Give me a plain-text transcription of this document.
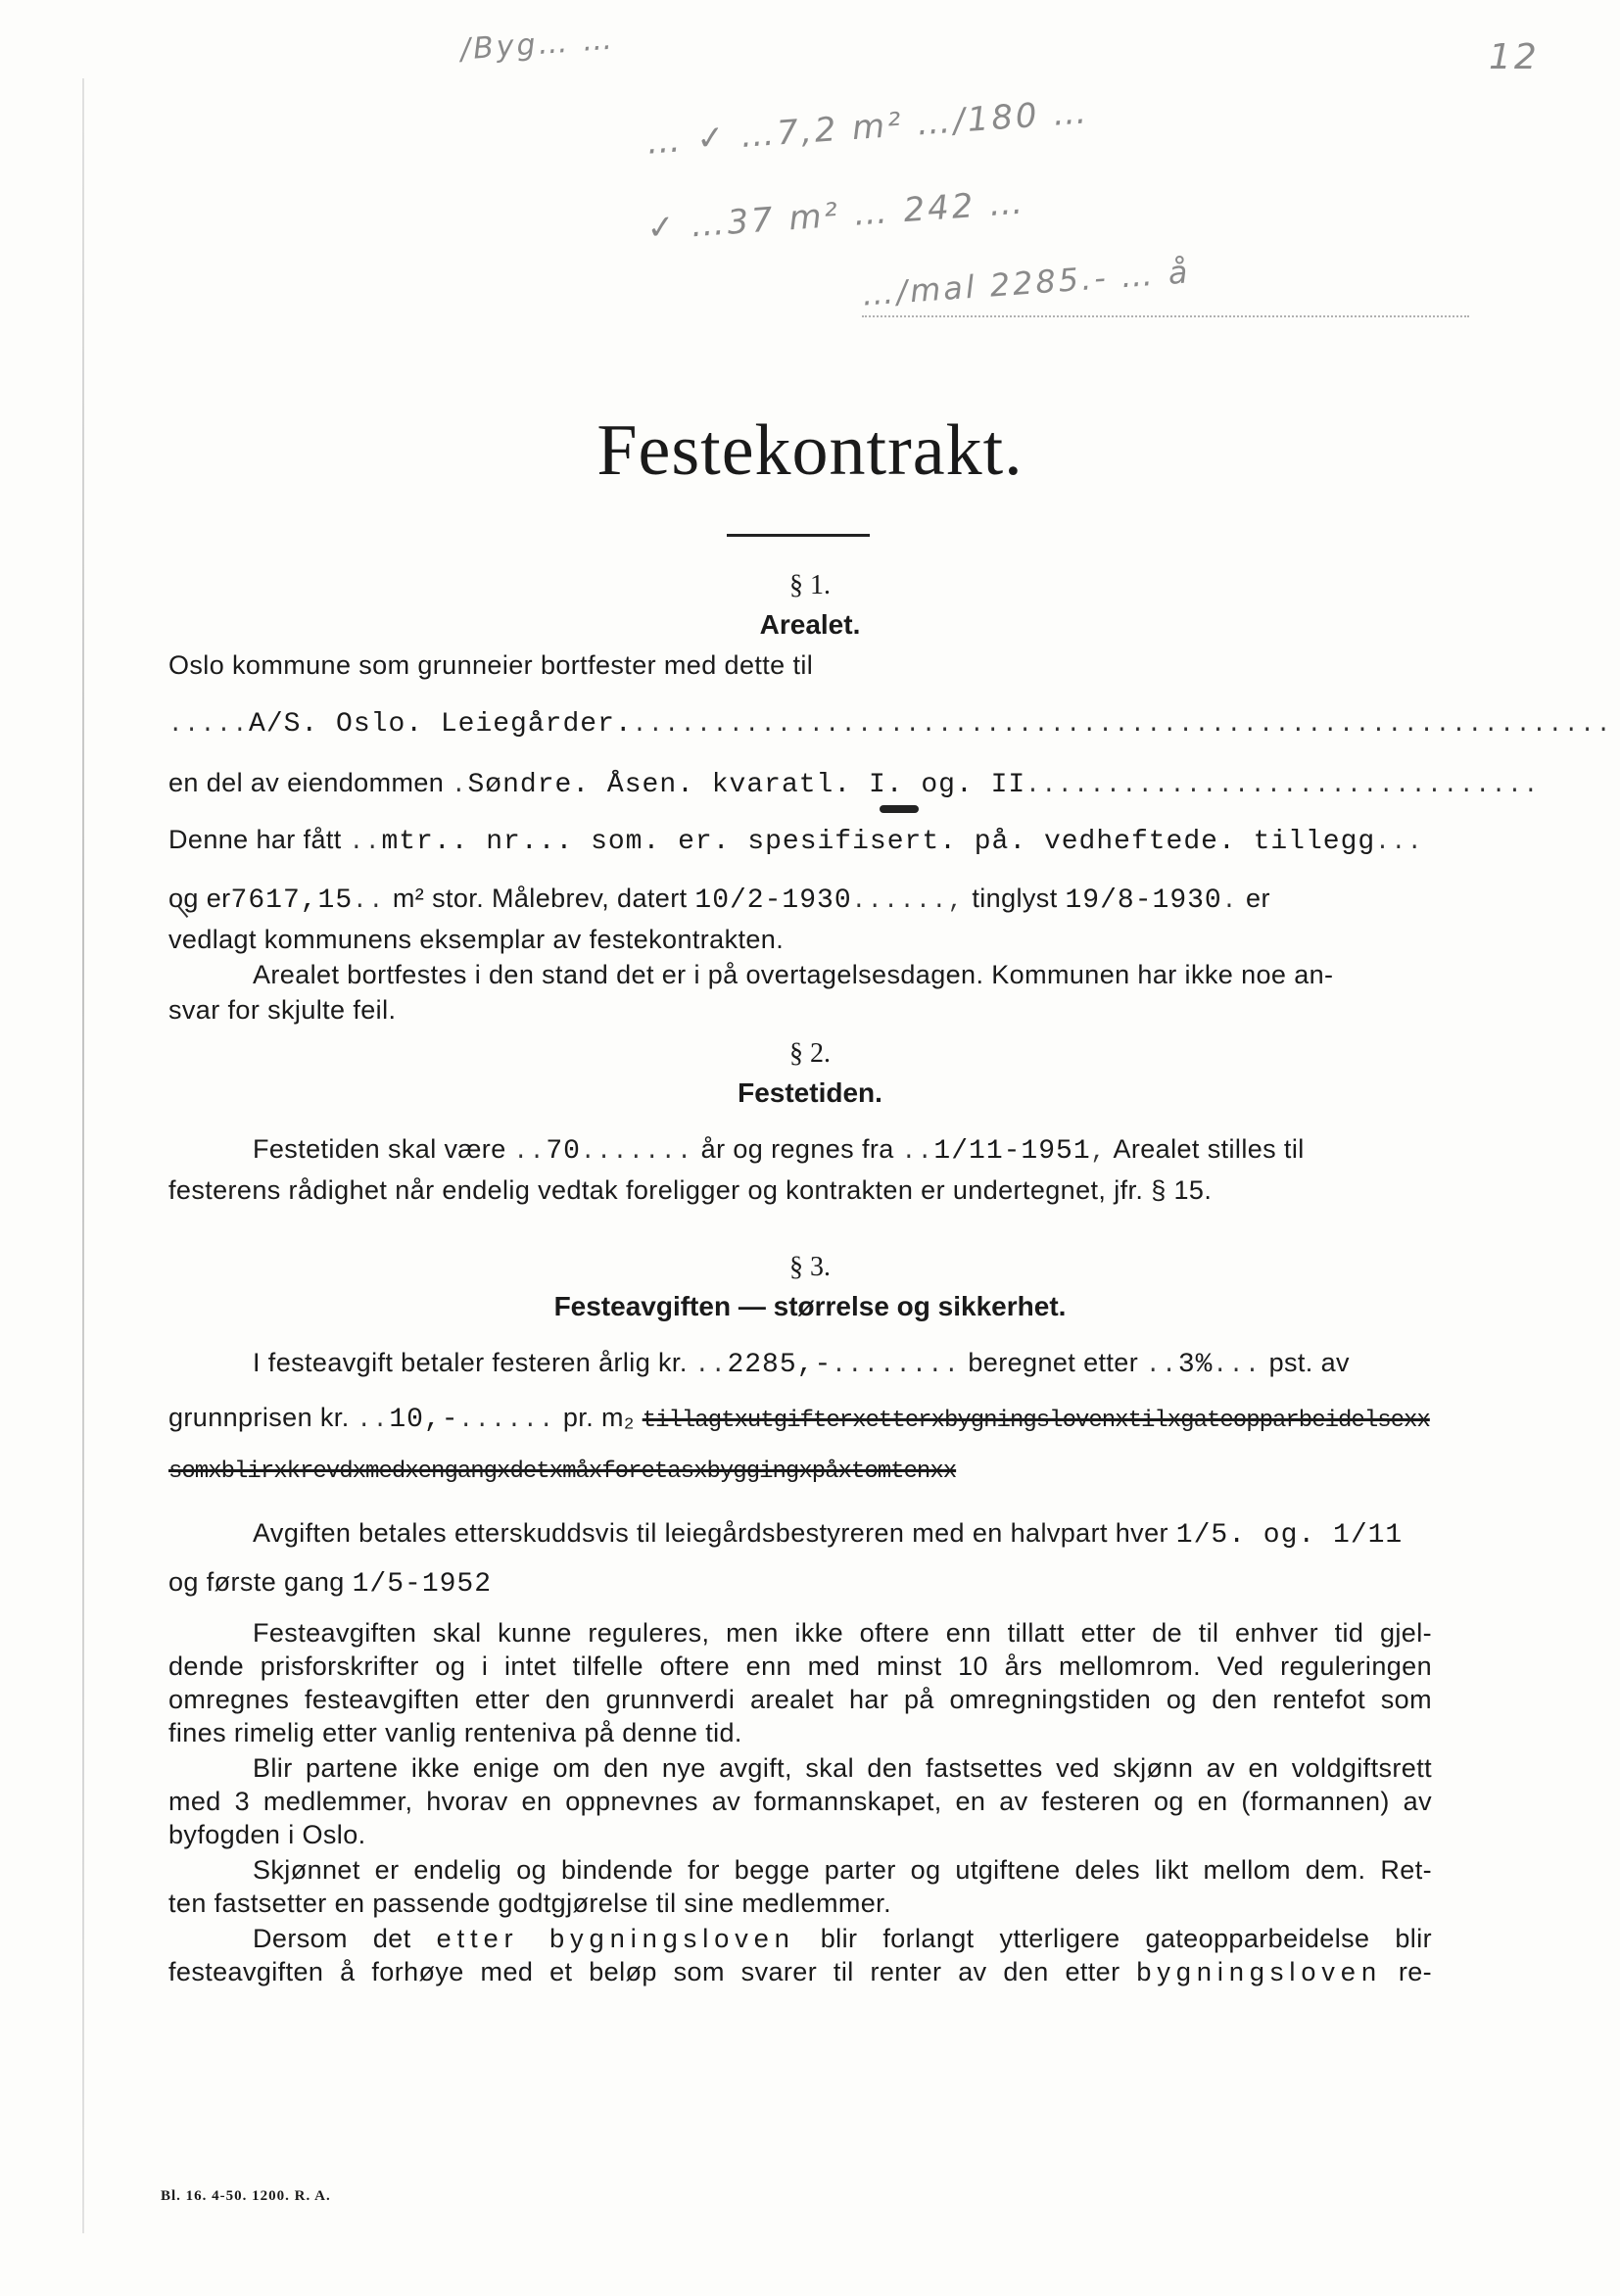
/Byg… …
… ✓ …7,2 m² …/180 …
✓ …37 m² … 242 …
…/mal 2285.- … å
12
Festekontrakt.
§ 1.
Arealet.
Oslo kommune som grunneier bortfester med dette til
.....A/S. Oslo. Leiegårder..............................................................
en del av eiendommen .Søndre. Åsen. kvaratl. I. og. II................................
Denne har fått ..mtr.. nr... som. er. spesifisert. på. vedheftede. tillegg...
og er7617,15.. m² stor. Målebrev, datert 10/2-1930......, tinglyst 19/8-1930. er
vedlagt kommunens eksemplar av festekontrakten.
Arealet bortfestes i den stand det er i på overtagelsesdagen. Kommunen har ikke noe an-
svar for skjulte feil.
§ 2.
Festetiden.
Festetiden skal være ..70....... år og regnes fra ..1/11-1951, Arealet stilles til
festerens rådighet når endelig vedtak foreligger og kontrakten er undertegnet, jfr. § 15.
§ 3.
Festeavgiften — størrelse og sikkerhet.
I festeavgift betaler festeren årlig kr. ..2285,-........ beregnet etter ..3%... pst. av
grunnprisen kr. ..10,-...... pr. m₂ tillagtxutgifterxetterxbygningslovenxtilxgateopparbeidelsexx
somxblirxkrevdxmedxengangxdetxmåxforetasxbyggingxpåxtomtenxx
Avgiften betales etterskuddsvis til leiegårdsbestyreren med en halvpart hver 1/5. og. 1/11
og første gang 1/5-1952
Festeavgiften skal kunne reguleres, men ikke oftere enn tillatt etter de til enhver tid gjel-
dende prisforskrifter og i intet tilfelle oftere enn med minst 10 års mellomrom. Ved reguleringen
omregnes festeavgiften etter den grunnverdi arealet har på omregningstiden og den rentefot som
fines rimelig etter vanlig renteniva på denne tid.
Blir partene ikke enige om den nye avgift, skal den fastsettes ved skjønn av en voldgiftsrett
med 3 medlemmer, hvorav en oppnevnes av formannskapet, en av festeren og en (formannen) av
byfogden i Oslo.
Skjønnet er endelig og bindende for begge parter og utgiftene deles likt mellom dem. Ret-
ten fastsetter en passende godtgjørelse til sine medlemmer.
Dersom det etter bygningsloven blir forlangt ytterligere gateopparbeidelse blir
festeavgiften å forhøye med et beløp som svarer til renter av den etter bygningsloven re-
Bl. 16. 4-50. 1200. R. A.
